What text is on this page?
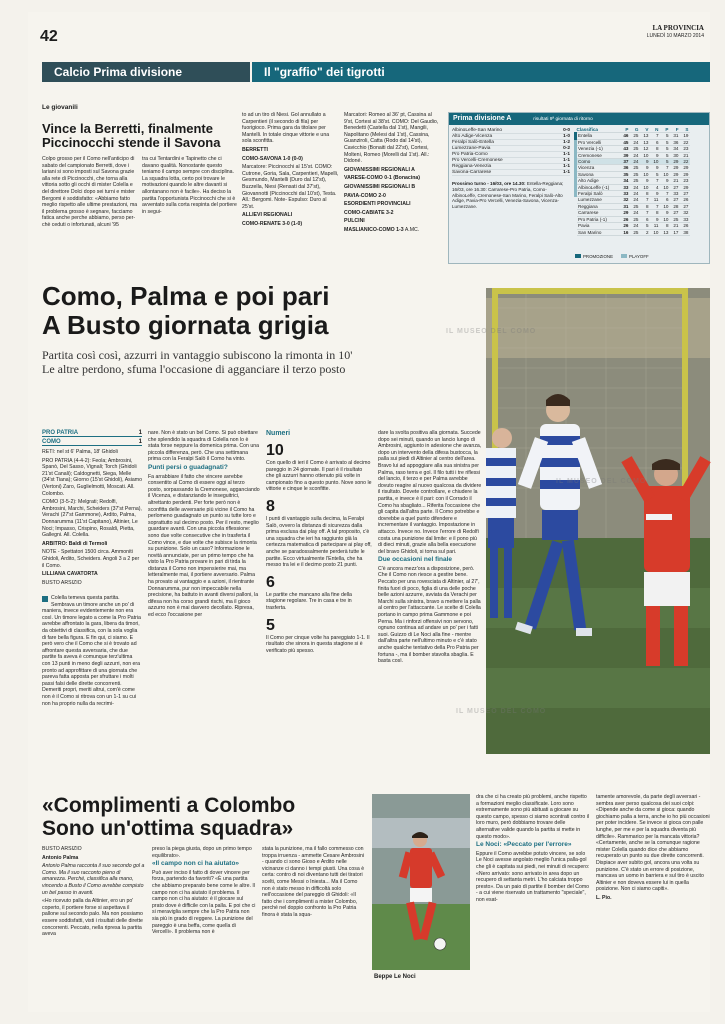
42	LA PROVINCIA
LUNEDÌ 10 MARZO 2014
Calcio Prima divisione	Il "graffio" dei tigrotti
Le giovanili
Vince la Berretti, finalmente
Piccinocchi stende il Savona

Colpo grosso per il Como nell'anticipo di sabato del campionato Berretti, dove i lariani si sono imposti sul Savona grazie alla rete di Piccinocchi, che torna alla vittoria sotto gli occhi di mister Colella e del direttore Dolci dopo sei turni e mister Bergomi è soddisfatto: «Abbiamo fatto meglio rispetto alle ultime prestazioni, ma il problema grosso è segnare, facciamo fatica anche perche abbiamo, perso per-chè ceduti o infortunati, alcuni '95

tra cui Tentardini e Tapinetto che ci davano qualità. Nonostante questo teniamo il campo sempre con disciplina. La squadra lotta, certo poi trovare le motivazioni quando le altre davanti si allontanano non è facile». Ha deciso la partita l'opportunista Piccinocchi che si è avventato sulla corta respinta del portiere in segui-

to ad un tiro di Niesi. Gol annullato a Carpentieri (il secondo di fila) per fuorigioco. Prima gara da titolare per Mantelli. In totale cinque vittorie e una sola sconfitta.

BERRETTI

COMO-SAVONA 1-0 (0-0)

Marcatore: Piccinocchi al 15'st. COMO: Cutrone, Goria, Sala, Carpentieri, Mapelli, Gesmundo, Mantelli (Duro dal 12'st), Buzzella, Niesi (Rensati dal 37'st), Giovannotti (Piccinocchi dal 10'st), Testa. All.: Bergomi. Note- Espulso: Duro al 25'st.

ALLIEVI REGIONALI

COMO-RENATE 3-0 (1-0)

Marcatori: Romeo al 36' pt, Cassina al 9'st, Cortesi al 38'st. COMO: Del Gaudio, Benedetti (Castella dal 1'st), Mangili, Napolitano (Melesi dal 1'st), Cassina, Guanziroli, Catta (Rodo dal 14'st), Cavicchio (Bonaiti dal 22'st), Cortesi, Molteni, Romeo (Morelli dal 1'st). All.: Didoné.

GIOVANISSIMI REGIONALI A

VARESE-COMO 0-1 (Bonacina)

GIOVANISSIMI REGIONALI B

PAVIA-COMO 2-0

ESORDIENTI PROVINCIALI

COMO-CABIATE 3-2

PULCINI

MASLIANICO-COMO 1-3 A.MC.

Prima divisione A	risultati 9ª giornata di ritorno
AlbinoLeffe-San Marino	0-0
Alto Adige-Vicenza	1-0
Feralpi Salò-Entella	1-2
Lumezzane-Pavia	0-2
Pro Patria-Como	1-1
Pro Vercelli-Cremonese	1-1
Reggiana-Venezia	1-1
Savona-Carrarese	1-1
Prossimo turno - 16/03, ore 14.30: Entella-Reggiana; 16/03, ore 16.30: Carrarese-Pro Patria, Como-AlbinoLeffe, Cremonese-San Marino, Feralpi Salò-Alto Adige, Pavia-Pro Vercelli, Venezia-Savona, Vicenza-Lumezzane.
Classifica	P	G	V	N	P	F	S
Entella	46	25	13	7	5	31	19
Pro Vercelli	45	24	13	6	5	36	22
Venezia (-1)	43	25	12	8	5	34	23
Cremonese	39	24	10	9	5	30	21
Como	37	24	9	10	5	29	22
Vicenza	36	25	9	9	7	29	29
Savona	35	25	10	5	10	29	29
Alto Adige	34	25	9	7	9	21	23
AlbinoLeffe (-1)	33	24	10	4	10	27	29
Feralpi Salò	33	24	8	9	7	33	27
Lumezzane	32	24	7	11	6	27	26
Reggiana	31	25	8	7	10	28	27
Carrarese	29	24	7	8	9	27	32
Pro Patria (-1)	26	25	6	9	10	25	33
Pavia	26	24	5	11	8	21	26
San Marino	16	25	2	10	13	17	38
PROMOZIONE	PLAYOFF
Como, Palma e poi pari
A Busto giornata grigia
Partita così così, azzurri in vantaggio subiscono la rimonta in 10'
Le altre perdono, sfuma l'occasione di agganciare il terzo posto
IL MUSEO DEL COMO
IL MUSEO DEL COMO
IL MUSEO DEL COMO
PRO PATRIA	1
COMO	1

RETI: nel st 6' Palma, 18' Ghidoli

PRO PATRIA (4-4-2): Feola; Ambrosini, Spanò, Del Sasso, Vignali; Torch (Ghidoli 21'st Canali); Caldognetti, Siega, Melle (34'st Tiana); Giorno (15'st Ghidoli), Asiamo (Vertoni) Zaro, Guglielmotti, Moscati. All. Colombo.

COMO (3-5-2): Melgrati; Redolfi, Ambrosini, Marchi, Scheiders (37'st Perna), Verachi (27'st Gammone), Ardito, Palma, Donnarumma (11'st Capitano), Altinier, Le Noci; Impasso, Crispino, Rosaldi, Pietta, Gallegni. All. Colella.

ARBITRO: Baldi di Termoli

NOTE - Spettatori 1500 circa. Ammoniti Ghidoli, Ardito, Scheiders. Angoli 3 a 2 per il Como.

LILLIANA CAVATORTA

BUSTO ARSIZIO

Colella temeva questa partita. Sembrava un timore anche un po' di maniera, invece evidentemente non era così. Un timore legato a come la Pro Patria avrebbe affrontato la gara, libera da timori, da obiettivi di classifica, con la sola voglia di fare bella figura. E fin qui, ci siamo. E però vero che il Como che si è trovato ad affrontare questa avversaria, che due partite fa aveva è comunque terz'ultima con 13 punti in meno degli azzurri, non era pronto ad approfittare di una giornata che pareva fatta apposta per sfruttare i molti passi falsi delle dirette concorrenti. Demeriti propri, meriti altrui, com'è come non è il Como si ritrova con un 1-1 su cui non ha proprio nulla da recrimi-

nare. Non è stato un bel Como. Si può obiettare che splendido la squadra di Colella non lo è stata forse neppure la domenica prima. Con una piccola differenza, però. Che una settimana prima con la Feralpi Salò il Como ha vinto.

Punti persi o guadagnati?

Fa arrabbiare il fatto che vincere avrebbe consentito al Como di essere oggi al terzo posto, sorpassando la Cremonese, agganciando il Vicenza, e distanziando le inseguitrici, altrettanto perdenti. Per forte però non è sconfitta delle avversarie più vicine il Como ha perlomeno guadagnato un punto su tutte loro e soprattutto sul decimo posto. Per il resto, meglio guardare avanti. Con una piccola riflessione: sono due volte consecutive che in trasferta il Como vince, e due volte che subisce la rimonta su punizione. Solo un caso? Informazione le novità annunciate, per un primo tempo che ha visto la Pro Patria provare in pari di tirda la distanza il Como non impensierire mai, ma letteralmente mai, il portiere avversario. Palma ha provato ai vantaggio e a azioni, il rientrante Donnarumma, pur non impeccabile nella precisione, ha battuto in avanti diversi palloni, la difesa non ha corso grandi rischi, ma il gioco azzurro non è mai davvero decollato. Ripresa, ed ecco l'occasione per

Numeri
10
Con quello di ieri il Como è arrivato al decimo pareggio in 24 giornate. Il pari è il risultato che gli azzurri hanno ottenuto più volte in campionato fino a questo punto. Nove sono le vittorie e cinque le sconfitte.
8
I punti di vantaggio sulla decima, la Feralpi Salò, ovvero la distanza di sicurezza dalla prima esclusa dai play off. A tal proposito, c'è una squadra che ieri ha raggiunto già la certezza matematica di partecipare ai play off, anche se paradossalmente perderà tutte le partite. Ecco virtualmente l'Entella, che ha messo tra lei e il decimo posto 21 punti.
6
Le partite che mancano alla fine della stagione regolare. Tre in casa e tre in trasferta.
5
Il Como per cinque volte ha pareggiato 1-1. Il risultato che sinora in questa stagione si è verificato più spesso.

dare la svolta positiva alla giornata. Succede dopo sei minuti, quando un lancio lungo di Ambrosini, aggiunto in adesione che avanza, dopo un intervento della difesa bustocca, la palla sui piedi di Altinier al centro dell'area. Bravo lui ad appoggiare alla sua sinistra per Palma, raso terra e gol. Il filo tutti i tre riflessi del lancio, il terzo e per Palma avrebbe dovuto reagire al nuovo qualcosa da dividere il risultato. Dovete controllare, e chiudere la partita, e invece è il pari: con il Corrado il Como ha sbagliato... Riferita l'occasione che gli capita dall'altra parte. Il Como potrebbe e dovrebbe a quel punto difendere e incrementare il vantaggio. Impostazione in attacco. Invece no. Invece l'errore di Redolfi costa una punizione dal limite: e il pono più di dieci minuti, grazie alla bella esecuzione del bravo Ghidoli, si torna sul pari.

Due occasioni nel finale

C'è ancora mezz'ora a disposizione, però. Che il Como non riesce a gestire bene. Peccato per una rovesciata di Altinier, al 27', finita fuori di poco, figlia di una delle poche belle azioni azzurre, avviata da Verachi per Marchi sulla sinistra, bravo a mettere la palla al centro per l'attaccante. Le scelte di Colella portano in campo prima Gammone e poi Perna. Ma i rinforzi offensivi non servono, ognuno continua ad andare un po' per i fatti suoi. Guizzo di Le Noci alla fine - mentre dall'altra parte nell'ultimo minuto e c'è stato anche qualche tentativo della Pro Patria per fortuna -, ma il bomber stavolta sbaglia. E basta così.

«Complimenti a Colombo
Sono un'ottima squadra»

BUSTO ARSIZIO

Antonio Palma

Antonio Palma racconta il suo secondo gol a Como. Ma il suo racconto pieno di amarezza. Perché, classifica alla mano, vincendo a Busto il Como avrebbe compiuto un bel passo in avanti.

«Ho ricevuto palla da Altinier, ero un po' coperto, il portiere forse si aspettava il pallone sul secondo palo. Ma non possiamo essere soddisfatti, visti i risultati delle dirette concorrenti. Peccato, nella ripresa la partita aveva

preso la piega giusta, dopo un primo tempo equilibrato».

«Il campo non ci ha aiutato»

Può aver inciso il fatto di dover vincere per forza, partendo da favoriti? «È una partita che abbiamo preparato bene come le altre. Il campo non ci ha aiutato il problema. Il campo non ci ha aiutato: è il giocare sul prato dove è difficile con la palla. E poi che ci si meraviglia sempre che la Pro Patria non sia più in grado di reggere. La punizione del pareggio è una beffa, come quella di Vercelli». Il problema non è

stata la punizione, ma il fallo commesso con troppa irruenza - ammette Cesare Ambrosini - quando ci sono Gioso e Ardito nelle vicinanze ci danno i tempi giusti. Una cosa è certa: contro di noi diventano tutti dei tiratori scelti, come Messi o Iniesta... Ma il Como non è stato messo in difficoltà solo nell'occasione del pareggio di Ghidoli: «Il fatto che i complimenti a mister Colombo, perché nel doppio confronto la Pro Patria finora è stata la squa-

Beppe Le Noci

dra che ci ha creato più problemi, anche rispetto a formazioni meglio classificate. Loro sono estremamente sono più abituati a giocare su questo campo, spesso ci siamo scontrati contro il loro muro, però dobbiamo trovare delle alternative valide quando la partita si mette in questo modo».

Le Noci: «Peccato per l'errore»

Eppure il Como avrebbe potuto vincere, se solo Le Noci avesse angolato meglio l'unica palla-gol che gli è capitata sui piedi, nei minuti di recupero: «Nero arrivato: sono arrivato in area dopo un recupero di settanta metri. L'ho calciata troppo presto». Da un paio di partite il bomber del Como - a cui viene riservato un trattamento "speciale", non esat-

tamente amorevole, da parte degli avversari - sembra aver perso qualcosa dei suoi colpi: «Dipende anche da come si gioca: quando giochiamo palla a terra, anche io ho più occasioni per poter incidere. Se invece si gioca con palle lunghe, per me e per la squadra diventa più difficile». Rammarico per la mancata vittoria? «Certamente, anche se la comunque ragione mister Colella quando dice che abbiamo recuperato un punto su due dirette concorrenti. Dispiace aver subito gol, ancora una volta su punizione. C'è stato un errore di posizione, mancava un uomo in barriera e sul tiro è uscito Altinier e non doveva essere lui in quella posizione. Non ci siamo capiti».

L. Pio.
